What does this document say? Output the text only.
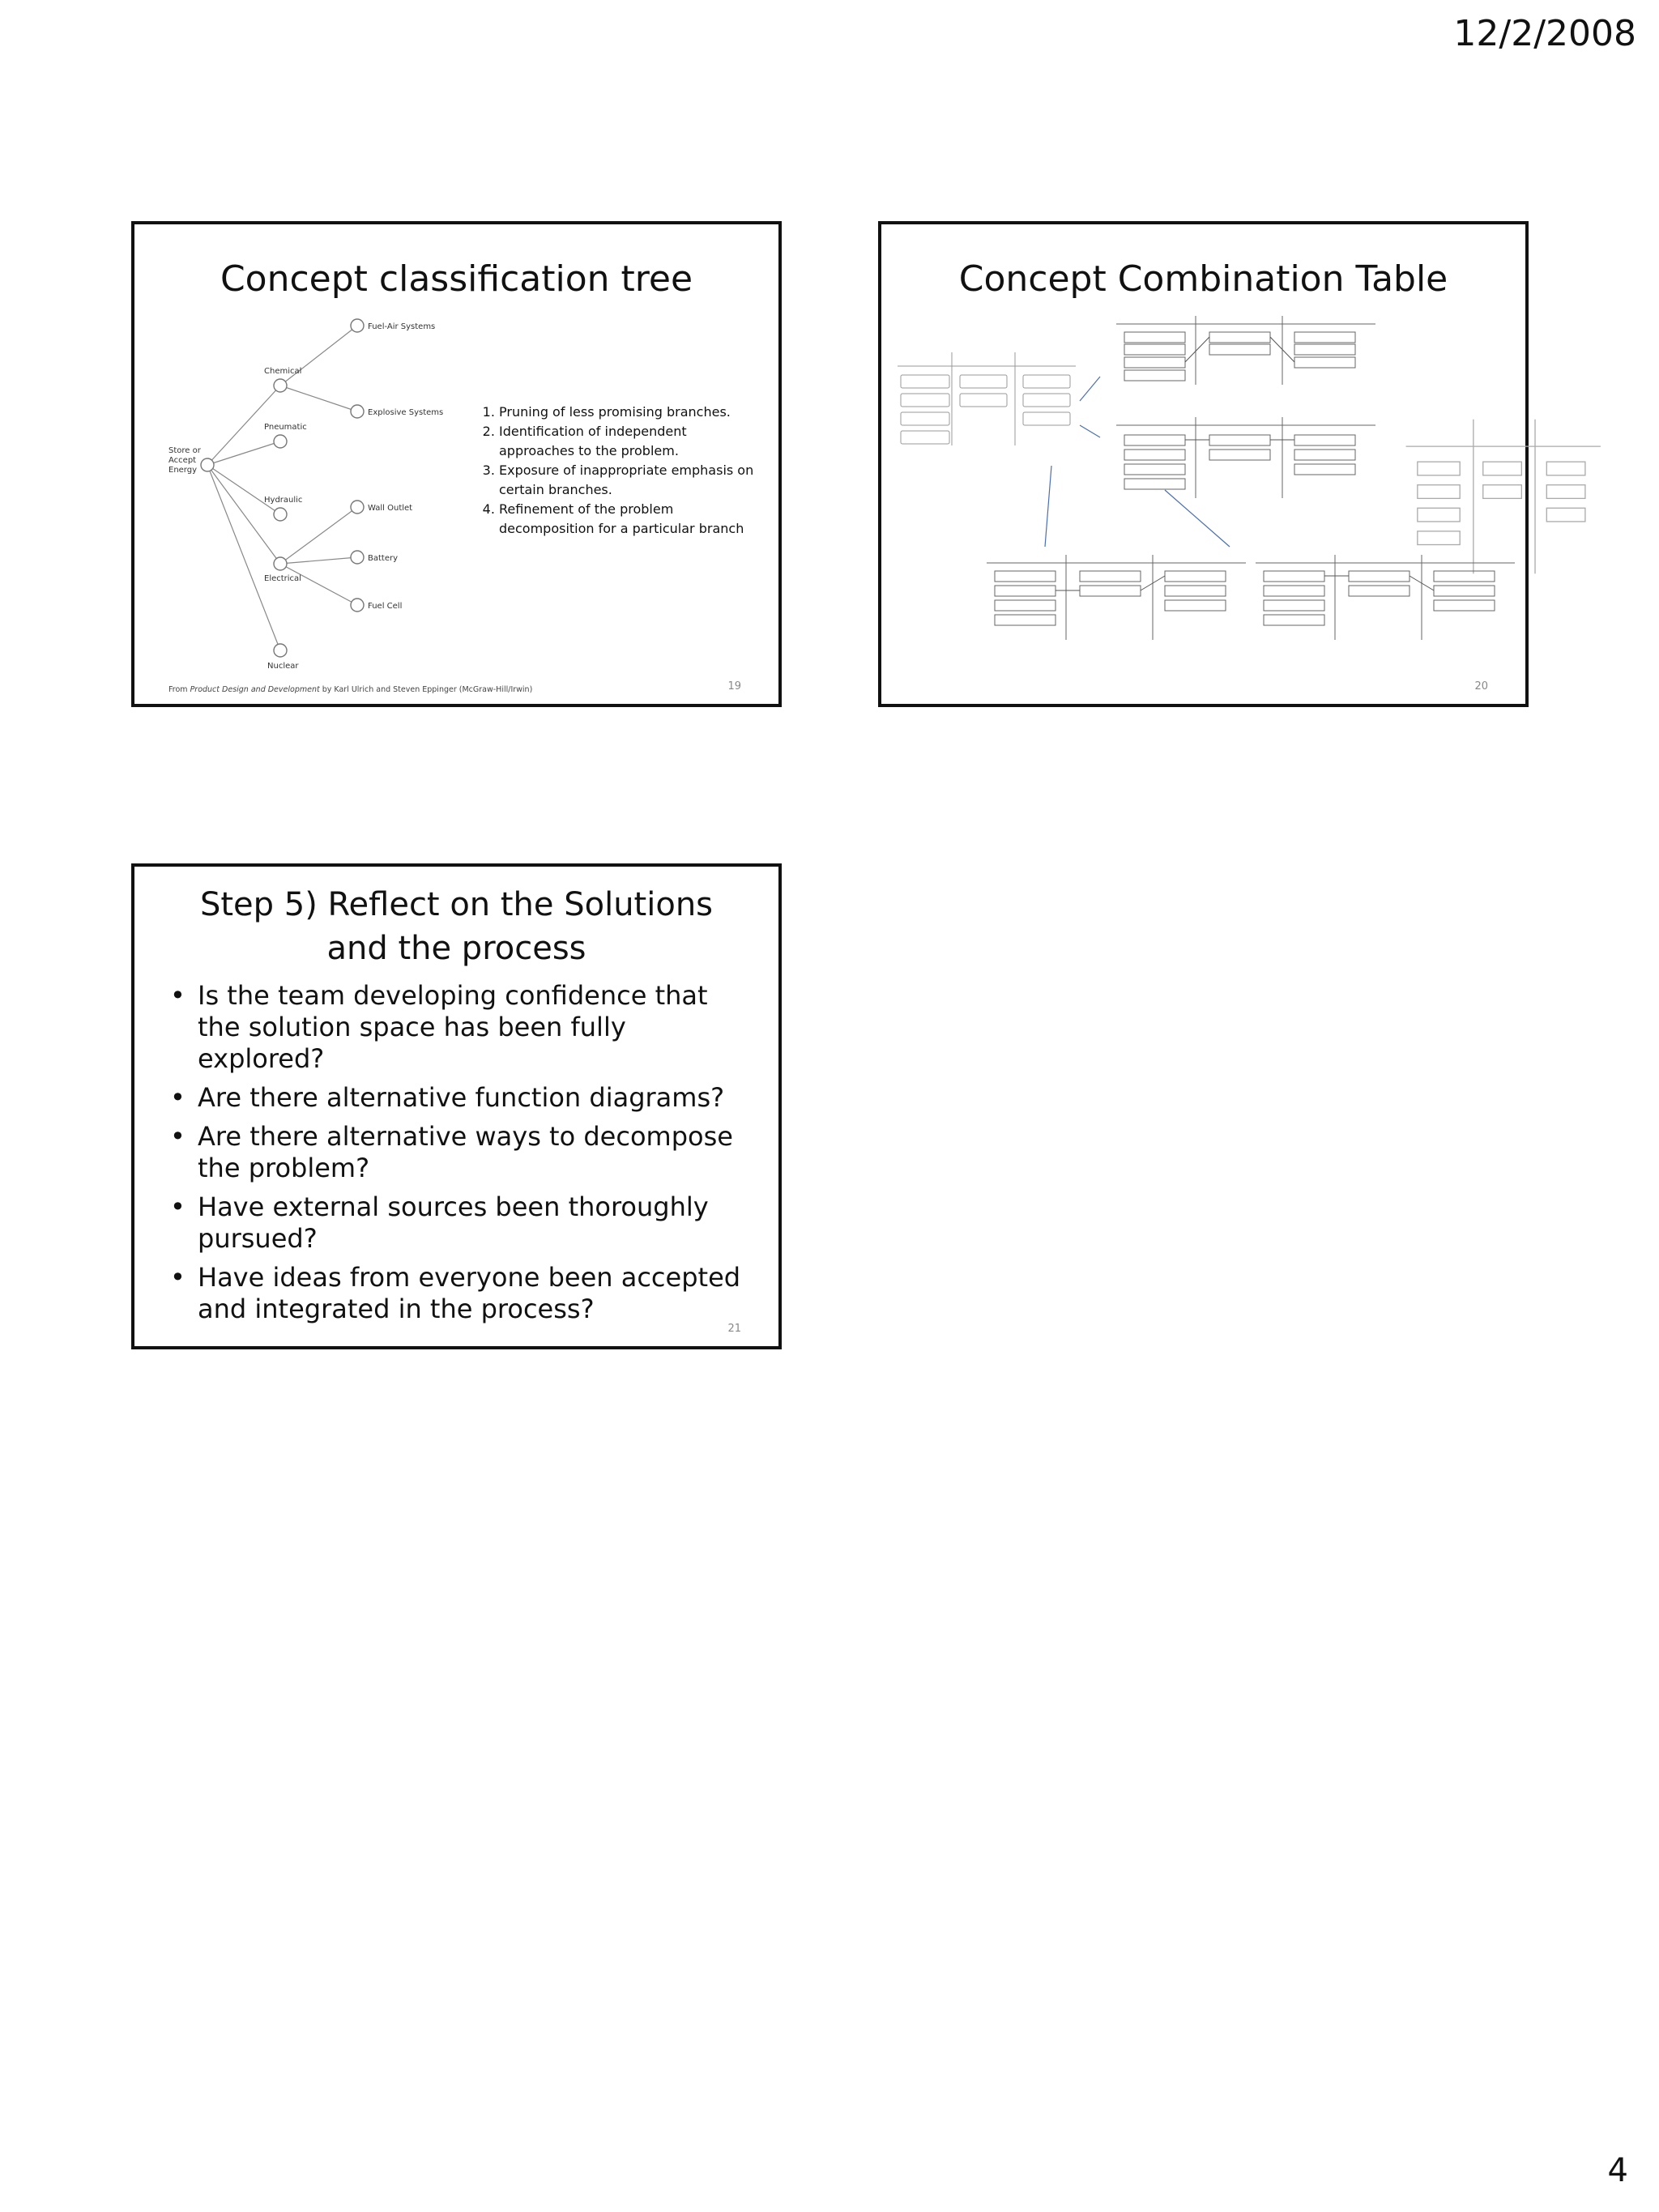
12/2/2008
Concept classification tree
Store or
Accept
Energy
Chemical
Pneumatic
Hydraulic
Electrical
Nuclear
Fuel-Air Systems
Explosive Systems
Wall Outlet
Battery
Fuel Cell
1. Pruning of less promising branches.
2. Identification of independent approaches to the problem.
3. Exposure of inappropriate emphasis on certain branches.
4. Refinement of the problem decomposition for a particular branch
From Product Design and Development by Karl Ulrich and Steven Eppinger (McGraw-Hill/Irwin)	19
Concept Combination Table
20
Step 5) Reflect on the Solutions and the process
• Is the team developing confidence that the solution space has been fully explored?
• Are there alternative function diagrams?
• Are there alternative ways to decompose the problem?
• Have external sources been thoroughly pursued?
• Have ideas from everyone been accepted and integrated in the process?
21
4
